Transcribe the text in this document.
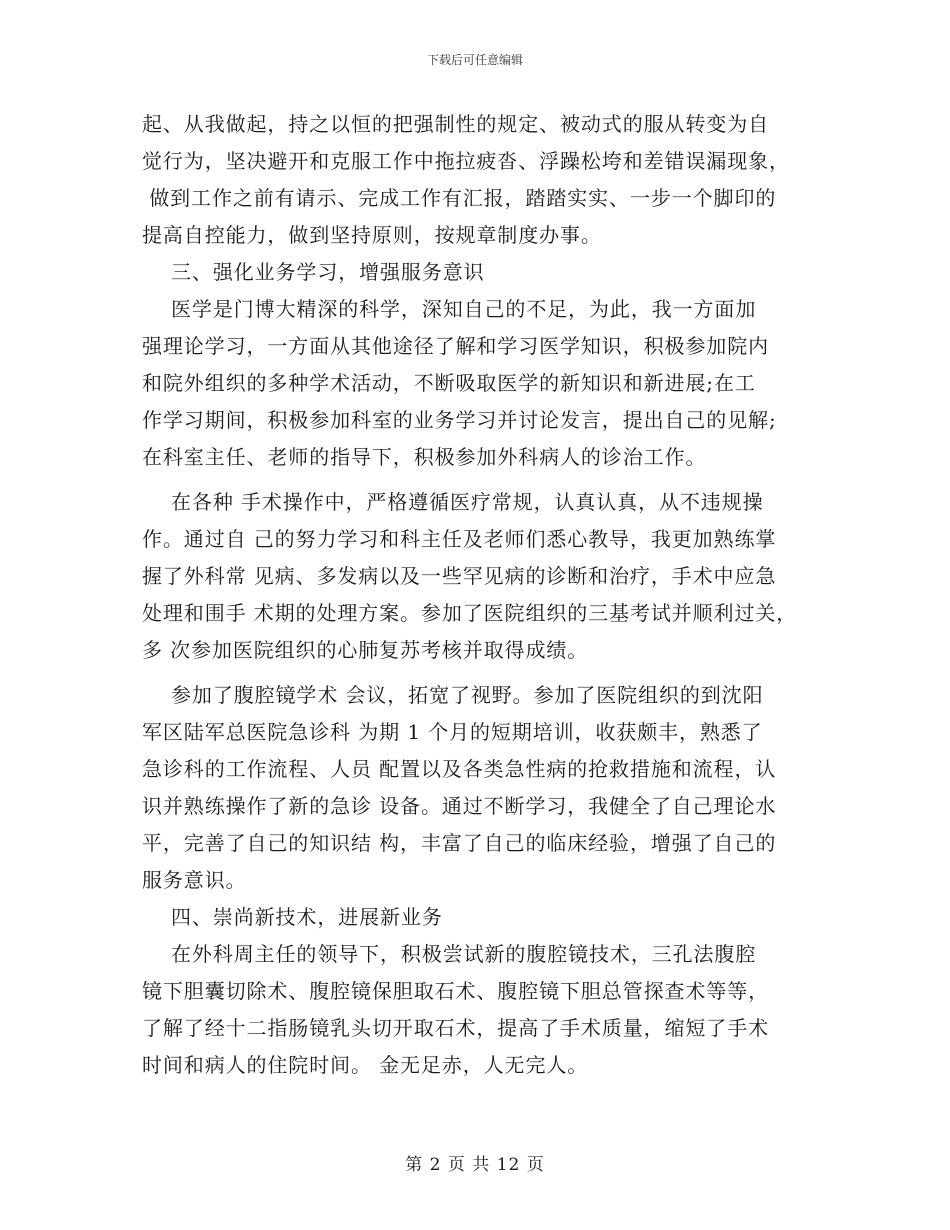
下载后可任意编辑
起、从我做起，持之以恒的把强制性的规定、被动式的服从转变为自
觉行为，坚决避开和克服工作中拖拉疲沓、浮躁松垮和差错误漏现象，
做到工作之前有请示、完成工作有汇报，踏踏实实、一步一个脚印的
提高自控能力，做到坚持原则，按规章制度办事。
三、强化业务学习，增强服务意识
医学是门博大精深的科学，深知自己的不足，为此，我一方面加
强理论学习，一方面从其他途径了解和学习医学知识，积极参加院内
和院外组织的多种学术活动，不断吸取医学的新知识和新进展;在工
作学习期间，积极参加科室的业务学习并讨论发言，提出自己的见解;
在科室主任、老师的指导下，积极参加外科病人的诊治工作。
在各种 手术操作中，严格遵循医疗常规，认真认真，从不违规操
作。通过自 己的努力学习和科主任及老师们悉心教导，我更加熟练掌
握了外科常 见病、多发病以及一些罕见病的诊断和治疗，手术中应急
处理和围手 术期的处理方案。参加了医院组织的三基考试并顺利过关，
多 次参加医院组织的心肺复苏考核并取得成绩。
参加了腹腔镜学术 会议，拓宽了视野。参加了医院组织的到沈阳
军区陆军总医院急诊科 为期 1 个月的短期培训，收获颇丰，熟悉了
急诊科的工作流程、人员 配置以及各类急性病的抢救措施和流程，认
识并熟练操作了新的急诊 设备。通过不断学习，我健全了自己理论水
平，完善了自己的知识结 构，丰富了自己的临床经验，增强了自己的
服务意识。
四、崇尚新技术，进展新业务
在外科周主任的领导下，积极尝试新的腹腔镜技术，三孔法腹腔
镜下胆囊切除术、腹腔镜保胆取石术、腹腔镜下胆总管探查术等等，
了解了经十二指肠镜乳头切开取石术，提高了手术质量，缩短了手术
时间和病人的住院时间。 金无足赤，人无完人。
第 2 页 共 12 页
